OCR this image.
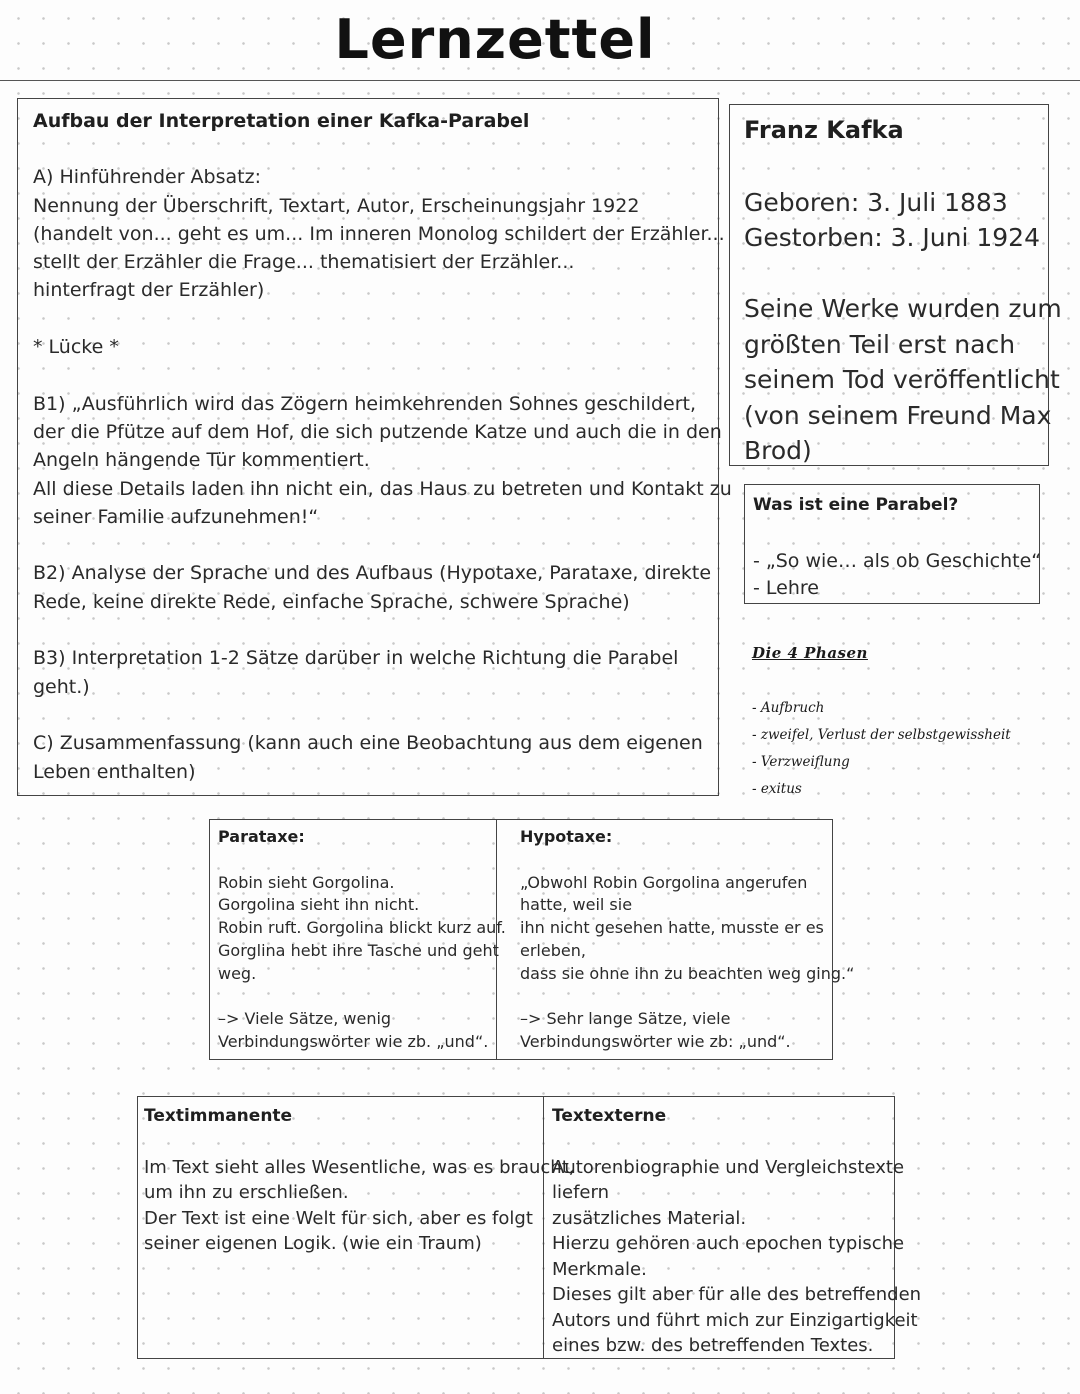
Lernzettel

Aufbau der Interpretation einer Kafka-Parabel

A) Hinführender Absatz:
Nennung der Überschrift, Textart, Autor, Erscheinungsjahr 1922
(handelt von... geht es um... Im inneren Monolog schildert der Erzähler...
stellt der Erzähler die Frage... thematisiert der Erzähler...
hinterfragt der Erzähler)

* Lücke *

B1) „Ausführlich wird das Zögern heimkehrenden Sohnes geschildert,
der die Pfütze auf dem Hof, die sich putzende Katze und auch die in den
Angeln hängende Tür kommentiert.
All diese Details laden ihn nicht ein, das Haus zu betreten und Kontakt zu
seiner Familie aufzunehmen!“

B2) Analyse der Sprache und des Aufbaus (Hypotaxe, Parataxe, direkte
Rede, keine direkte Rede, einfache Sprache, schwere Sprache)

B3) Interpretation 1-2 Sätze darüber in welche Richtung die Parabel
geht.)

C) Zusammenfassung (kann auch eine Beobachtung aus dem eigenen
Leben enthalten)

Franz Kafka

Geboren: 3. Juli 1883
Gestorben: 3. Juni 1924
Seine Werke wurden zum
größten Teil erst nach
seinem Tod veröffentlicht
(von seinem Freund Max
Brod)

Was ist eine Parabel?

- „So wie… als ob Geschichte“
- Lehre
Die 4 Phasen
- Aufbruch
- zweifel, Verlust der selbstgewissheit
- Verzweiflung
- exitus

Parataxe:

Robin sieht Gorgolina.
Gorgolina sieht ihn nicht.
Robin ruft. Gorgolina blickt kurz auf.
Gorglina hebt ihre Tasche und geht
weg.

–> Viele Sätze, wenig
Verbindungswörter wie zb. „und“.

Hypotaxe:

„Obwohl Robin Gorgolina angerufen
hatte, weil sie
ihn nicht gesehen hatte, musste er es
erleben,
dass sie ohne ihn zu beachten weg ging.“

–> Sehr lange Sätze, viele
Verbindungswörter wie zb: „und“.

Textimmanente

Im Text sieht alles Wesentliche, was es braucht,
um ihn zu erschließen.
Der Text ist eine Welt für sich, aber es folgt
seiner eigenen Logik. (wie ein Traum)

Textexterne

Autorenbiographie und Vergleichstexte
liefern
zusätzliches Material.
Hierzu gehören auch epochen typische
Merkmale.
Dieses gilt aber für alle des betreffenden
Autors und führt mich zur Einzigartigkeit
eines bzw. des betreffenden Textes.
